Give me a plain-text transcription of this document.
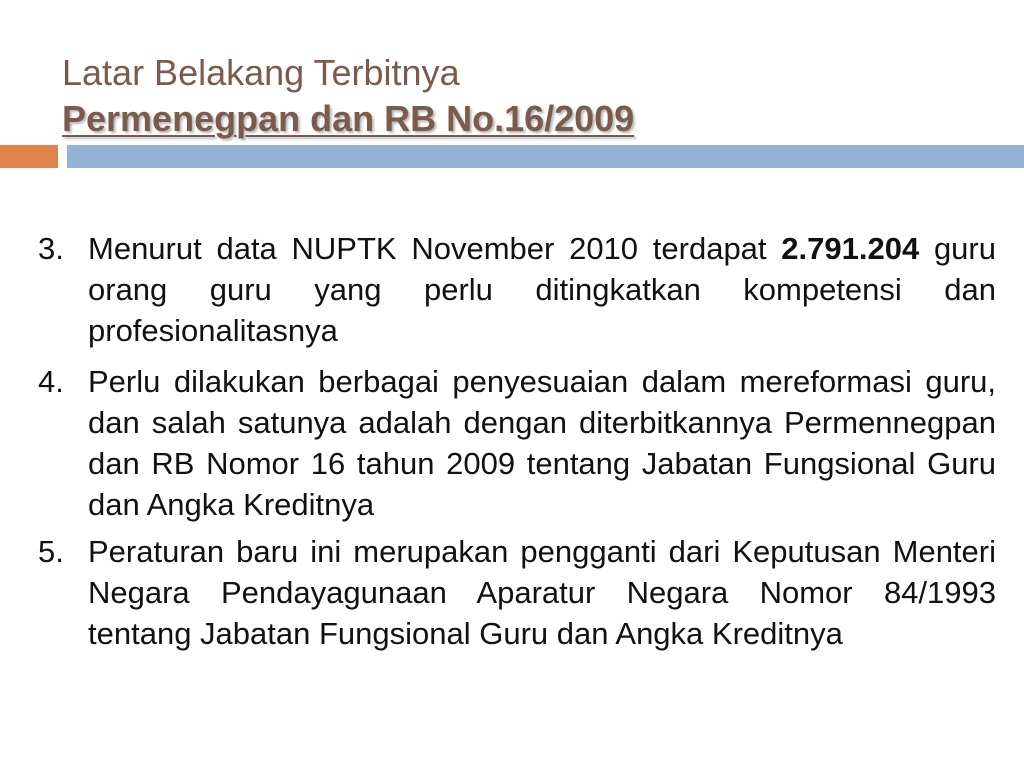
Latar Belakang Terbitnya
Permenegpan dan RB No.16/2009
3. Menurut data NUPTK November 2010 terdapat 2.791.204 guru
orang guru yang perlu ditingkatkan kompetensi dan
profesionalitasnya
4. Perlu dilakukan berbagai penyesuaian dalam mereformasi guru,
dan salah satunya adalah dengan diterbitkannya Permennegpan
dan RB Nomor 16 tahun 2009 tentang Jabatan Fungsional Guru
dan Angka Kreditnya
5. Peraturan baru ini merupakan pengganti dari Keputusan Menteri
Negara Pendayagunaan Aparatur Negara Nomor 84/1993
tentang Jabatan Fungsional Guru dan Angka Kreditnya
